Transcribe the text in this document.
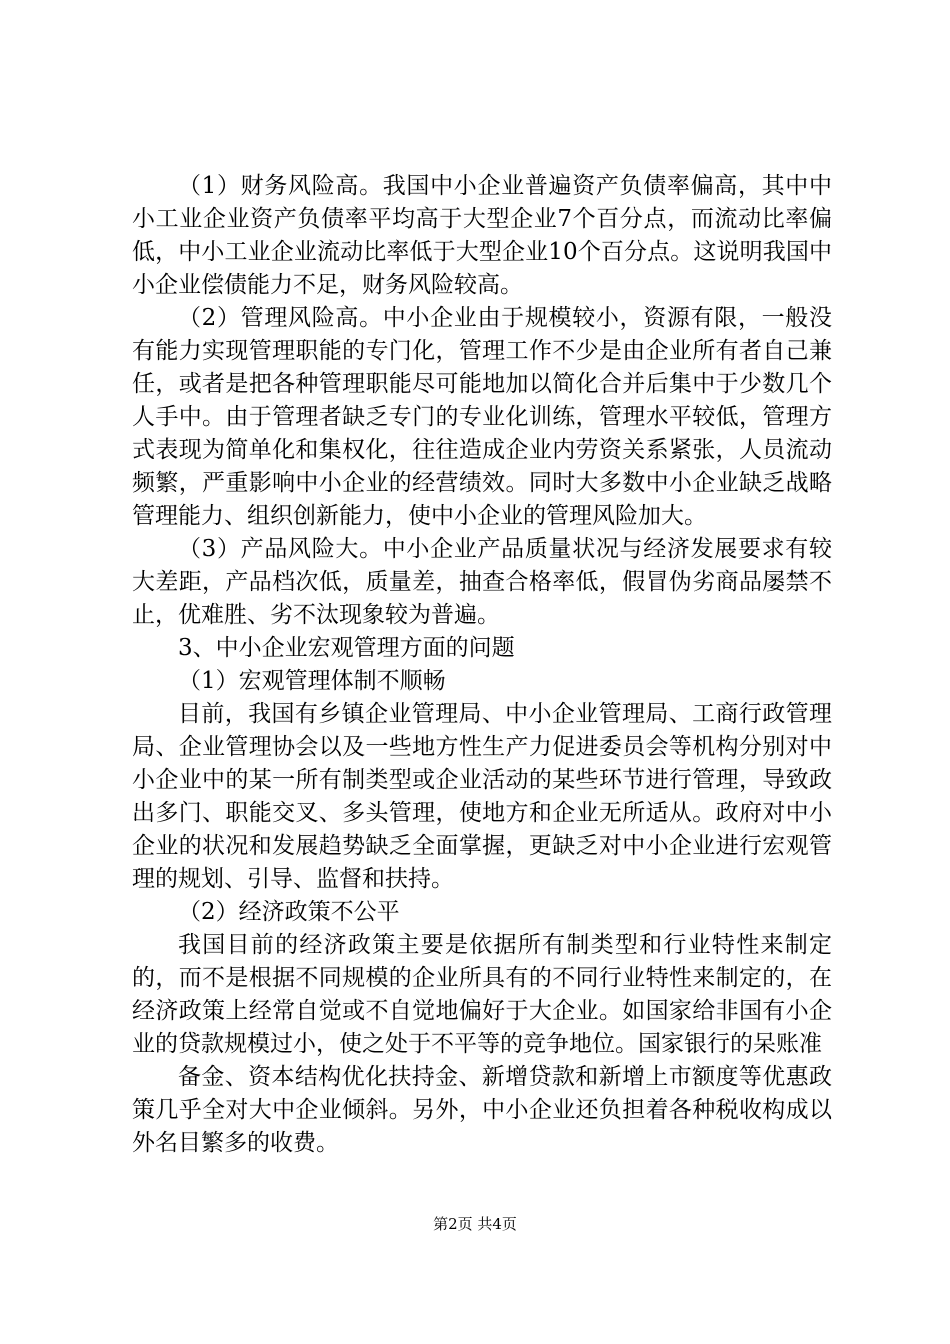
（1）财务风险高。我国中小企业普遍资产负债率偏高，其中中小工业企业资产负债率平均高于大型企业7个百分点，而流动比率偏低，中小工业企业流动比率低于大型企业10个百分点。这说明我国中小企业偿债能力不足，财务风险较高。

（2）管理风险高。中小企业由于规模较小，资源有限，一般没有能力实现管理职能的专门化，管理工作不少是由企业所有者自己兼任，或者是把各种管理职能尽可能地加以简化合并后集中于少数几个人手中。由于管理者缺乏专门的专业化训练，管理水平较低，管理方式表现为简单化和集权化，往往造成企业内劳资关系紧张，人员流动频繁，严重影响中小企业的经营绩效。同时大多数中小企业缺乏战略管理能力、组织创新能力，使中小企业的管理风险加大。

（3）产品风险大。中小企业产品质量状况与经济发展要求有较大差距，产品档次低，质量差，抽查合格率低，假冒伪劣商品屡禁不止，优难胜、劣不汰现象较为普遍。

3、中小企业宏观管理方面的问题

（1）宏观管理体制不顺畅

目前，我国有乡镇企业管理局、中小企业管理局、工商行政管理局、企业管理协会以及一些地方性生产力促进委员会等机构分别对中小企业中的某一所有制类型或企业活动的某些环节进行管理，导致政出多门、职能交叉、多头管理，使地方和企业无所适从。政府对中小企业的状况和发展趋势缺乏全面掌握，更缺乏对中小企业进行宏观管理的规划、引导、监督和扶持。

（2）经济政策不公平

我国目前的经济政策主要是依据所有制类型和行业特性来制定的，而不是根据不同规模的企业所具有的不同行业特性来制定的，在经济政策上经常自觉或不自觉地偏好于大企业。如国家给非国有小企业的贷款规模过小，使之处于不平等的竞争地位。国家银行的呆账准

备金、资本结构优化扶持金、新增贷款和新增上市额度等优惠政策几乎全对大中企业倾斜。另外，中小企业还负担着各种税收构成以外名目繁多的收费。

第2页 共4页
